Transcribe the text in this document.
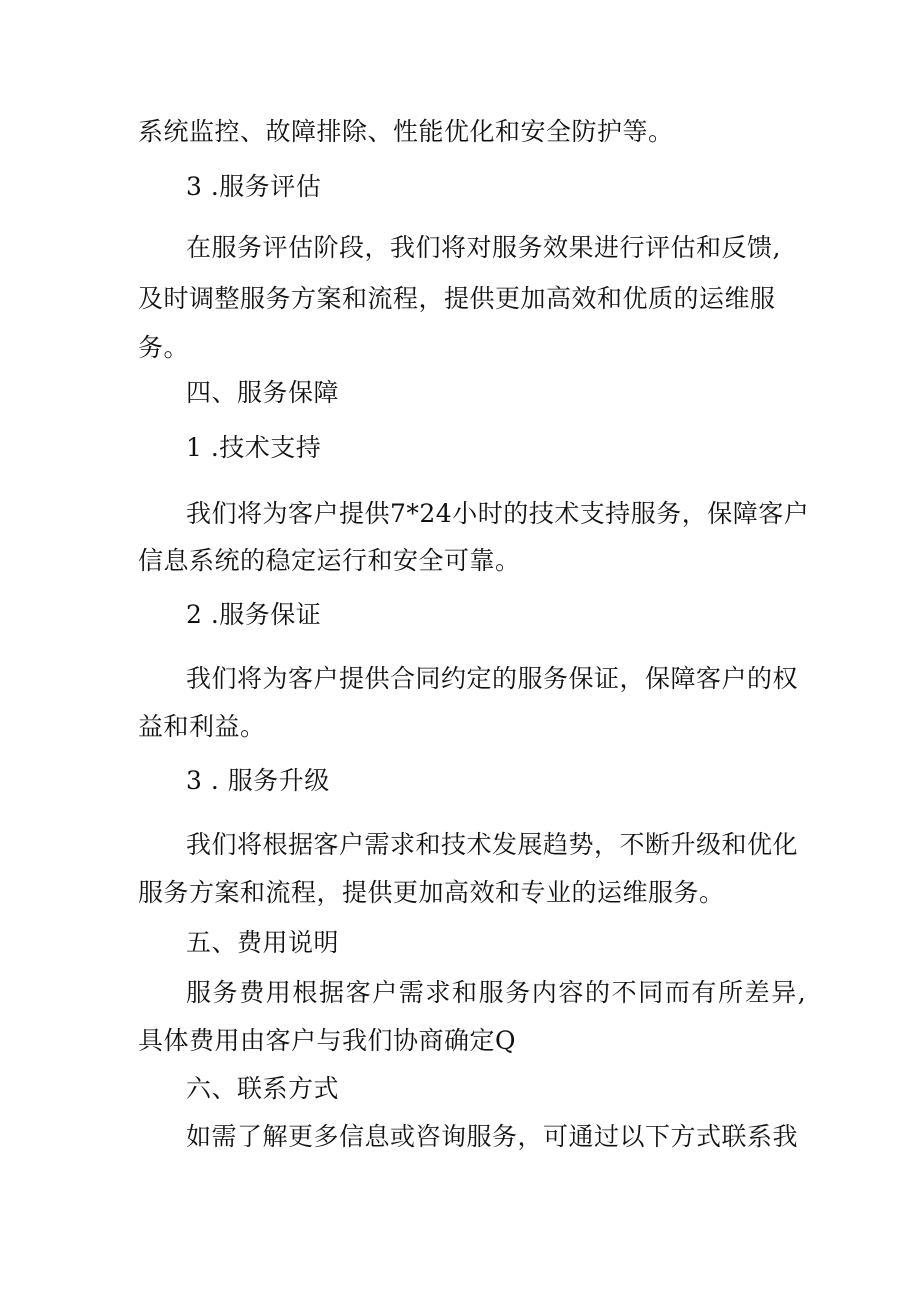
系统监控、故障排除、性能优化和安全防护等。
3 .服务评估
在服务评估阶段，我们将对服务效果进行评估和反馈,
及时调整服务方案和流程，提供更加高效和优质的运维服
务。
四、服务保障
1 .技术支持
我们将为客户提供7*24小时的技术支持服务，保障客户
信息系统的稳定运行和安全可靠。
2 .服务保证
我们将为客户提供合同约定的服务保证，保障客户的权
益和利益。
3 . 服务升级
我们将根据客户需求和技术发展趋势，不断升级和优化
服务方案和流程，提供更加高效和专业的运维服务。
五、费用说明
服务费用根据客户需求和服务内容的不同而有所差异,
具体费用由客户与我们协商确定Q
六、联系方式
如需了解更多信息或咨询服务，可通过以下方式联系我
